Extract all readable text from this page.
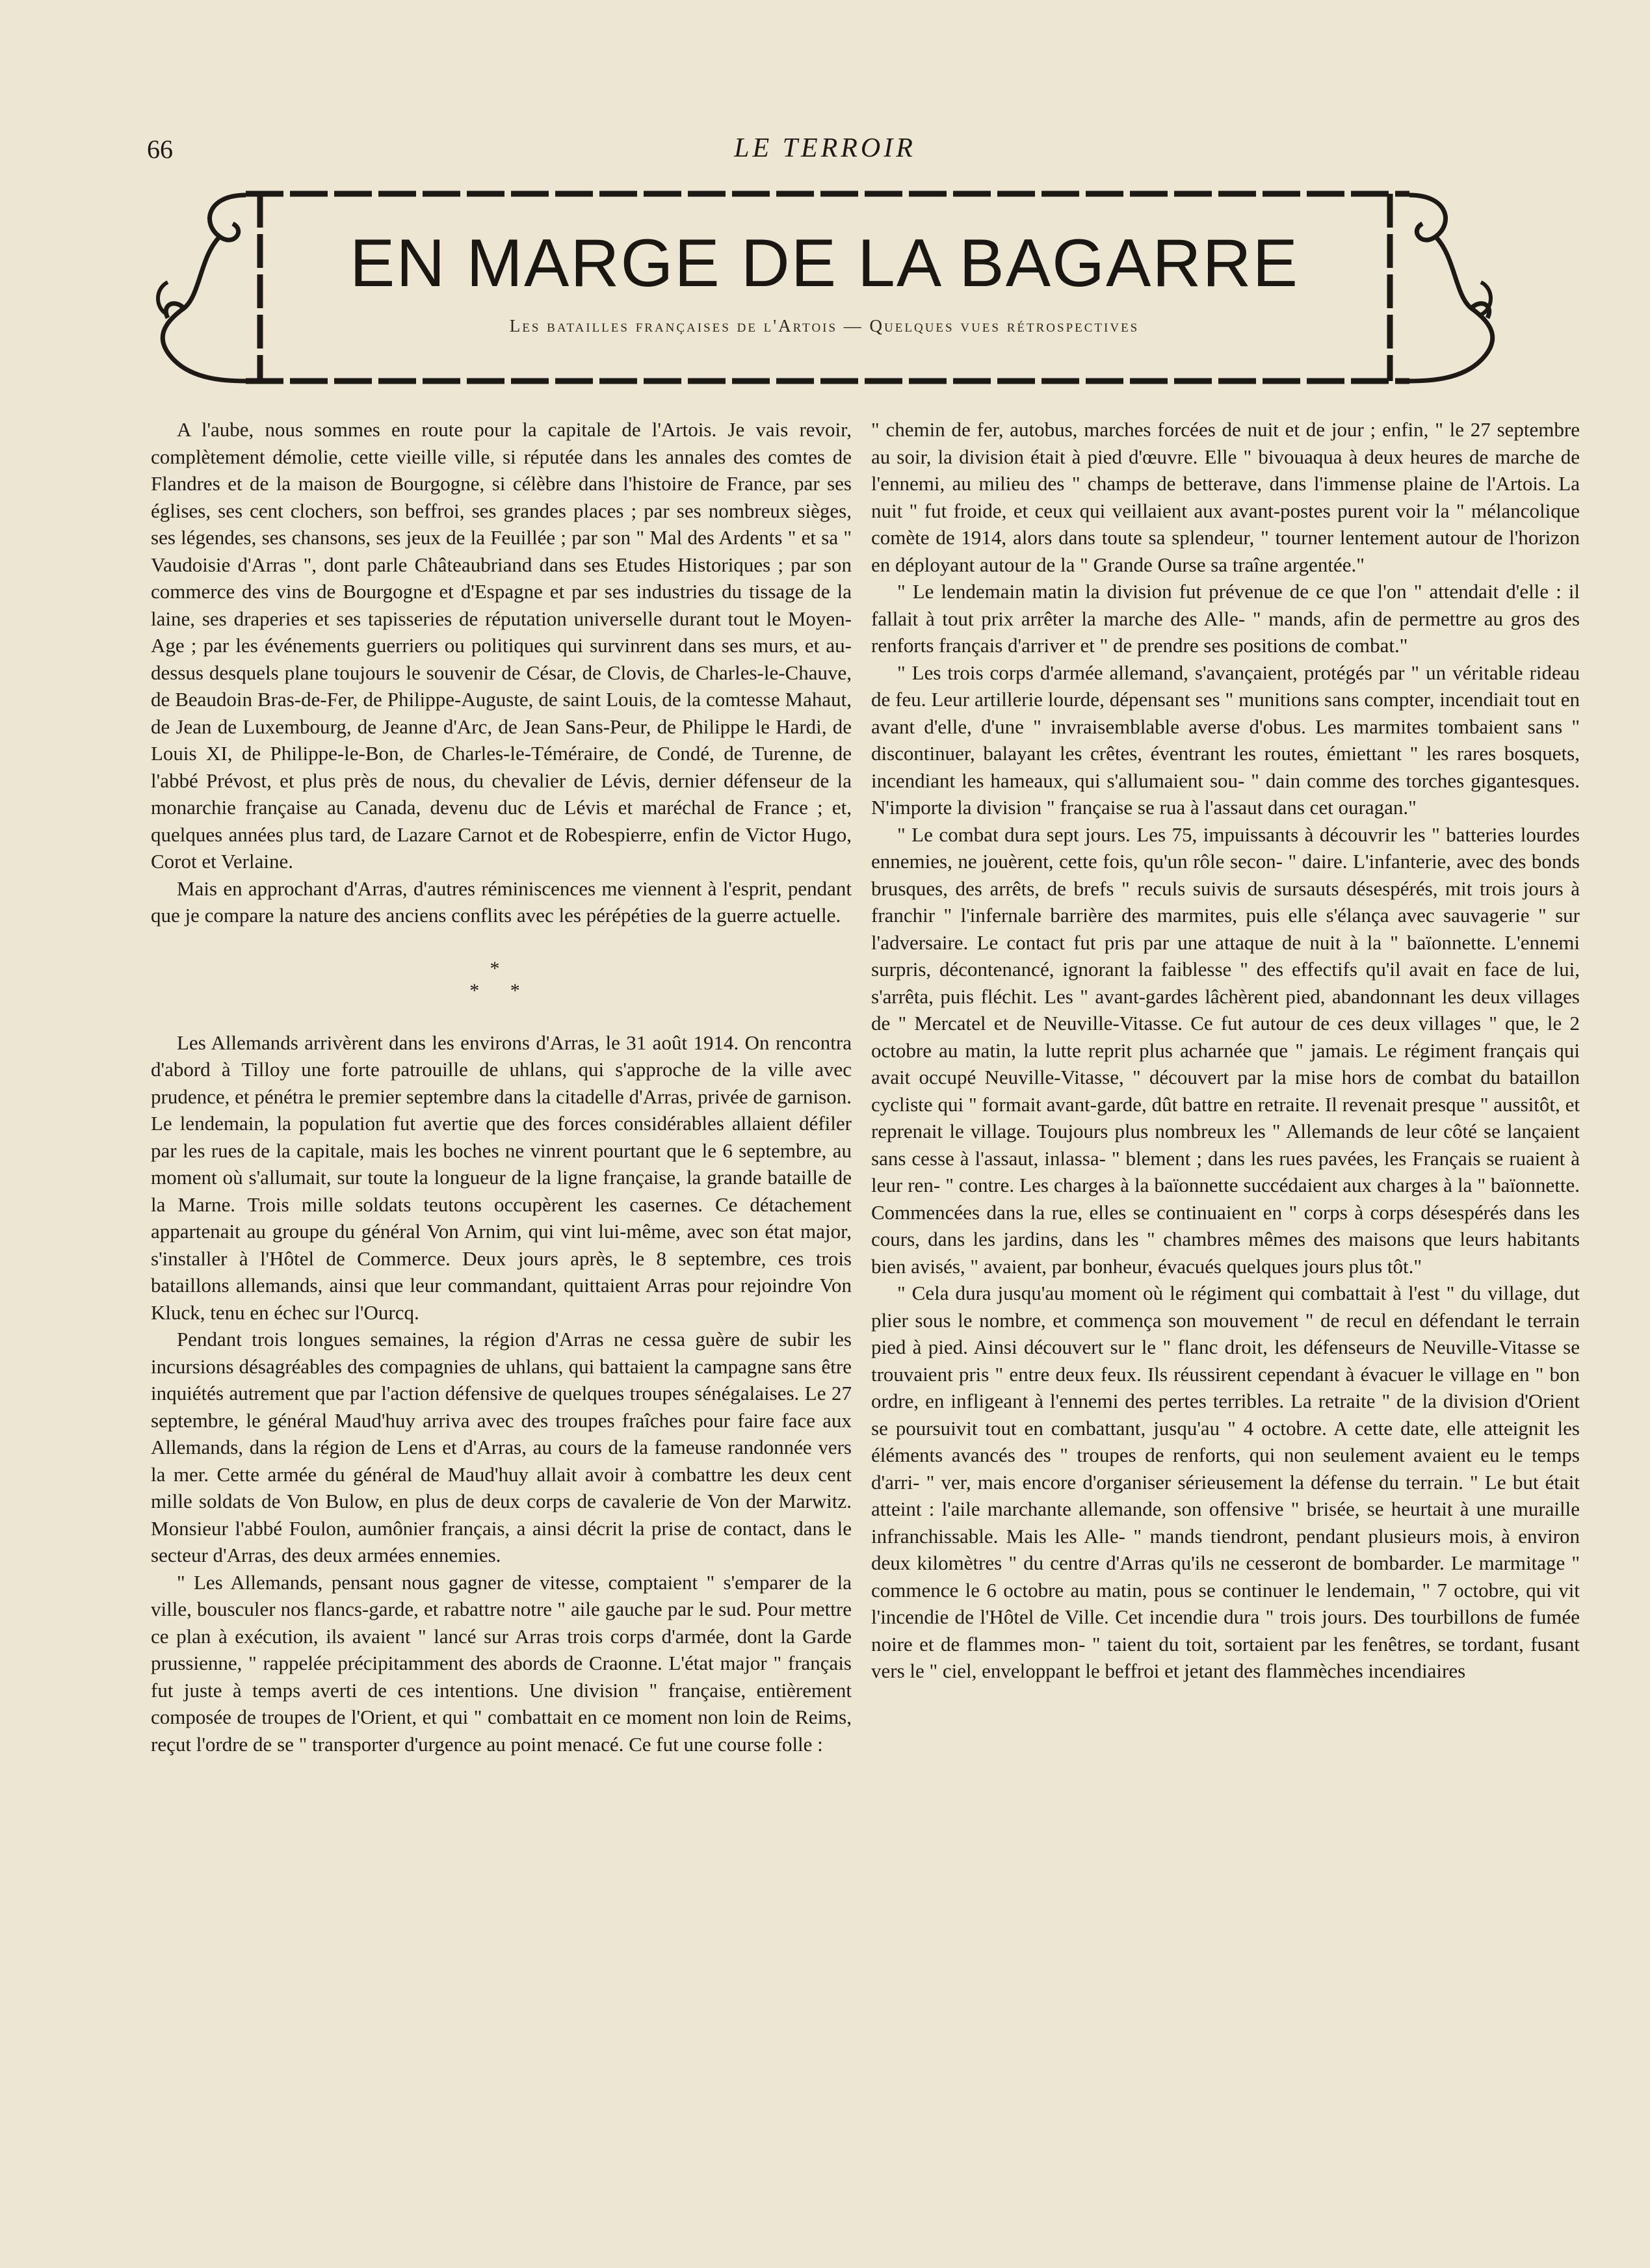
66	LE TERROIR
EN MARGE DE LA BAGARRE
Les batailles françaises de l'Artois — Quelques vues rétrospectives

A l'aube, nous sommes en route pour la capitale de l'Artois. Je vais revoir, complètement démolie, cette vieille ville, si réputée dans les annales des comtes de Flandres et de la maison de Bourgogne, si célèbre dans l'histoire de France, par ses églises, ses cent clochers, son beffroi, ses grandes places ; par ses nombreux sièges, ses légendes, ses chansons, ses jeux de la Feuillée ; par son " Mal des Ardents " et sa " Vaudoisie d'Arras ", dont parle Châteaubriand dans ses Etudes Historiques ; par son commerce des vins de Bourgogne et d'Espagne et par ses industries du tissage de la laine, ses draperies et ses tapisseries de réputation universelle durant tout le Moyen-Age ; par les événements guerriers ou politiques qui survinrent dans ses murs, et au-dessus desquels plane toujours le souvenir de César, de Clovis, de Charles-le-Chauve, de Beaudoin Bras-de-Fer, de Philippe-Auguste, de saint Louis, de la comtesse Mahaut, de Jean de Luxembourg, de Jeanne d'Arc, de Jean Sans-Peur, de Philippe le Hardi, de Louis XI, de Philippe-le-Bon, de Charles-le-Téméraire, de Condé, de Turenne, de l'abbé Prévost, et plus près de nous, du chevalier de Lévis, dernier défenseur de la monarchie française au Canada, devenu duc de Lévis et maréchal de France ; et, quelques années plus tard, de Lazare Carnot et de Robespierre, enfin de Victor Hugo, Corot et Verlaine.

Mais en approchant d'Arras, d'autres réminiscences me viennent à l'esprit, pendant que je compare la nature des anciens conflits avec les pérépéties de la guerre actuelle.

*
* *

Les Allemands arrivèrent dans les environs d'Arras, le 31 août 1914. On rencontra d'abord à Tilloy une forte patrouille de uhlans, qui s'approche de la ville avec prudence, et pénétra le premier septembre dans la citadelle d'Arras, privée de garnison. Le lendemain, la population fut avertie que des forces considérables allaient défiler par les rues de la capitale, mais les boches ne vinrent pourtant que le 6 septembre, au moment où s'allumait, sur toute la longueur de la ligne française, la grande bataille de la Marne. Trois mille soldats teutons occupèrent les casernes. Ce détachement appartenait au groupe du général Von Arnim, qui vint lui-même, avec son état major, s'installer à l'Hôtel de Commerce. Deux jours après, le 8 septembre, ces trois bataillons allemands, ainsi que leur commandant, quittaient Arras pour rejoindre Von Kluck, tenu en échec sur l'Ourcq.

Pendant trois longues semaines, la région d'Arras ne cessa guère de subir les incursions désagréables des compagnies de uhlans, qui battaient la campagne sans être inquiétés autrement que par l'action défensive de quelques troupes sénégalaises. Le 27 septembre, le général Maud'huy arriva avec des troupes fraîches pour faire face aux Allemands, dans la région de Lens et d'Arras, au cours de la fameuse randonnée vers la mer. Cette armée du général de Maud'huy allait avoir à combattre les deux cent mille soldats de Von Bulow, en plus de deux corps de cavalerie de Von der Marwitz. Monsieur l'abbé Foulon, aumônier français, a ainsi décrit la prise de contact, dans le secteur d'Arras, des deux armées ennemies.

" Les Allemands, pensant nous gagner de vitesse, comptaient " s'emparer de la ville, bousculer nos flancs-garde, et rabattre notre " aile gauche par le sud. Pour mettre ce plan à exécution, ils avaient " lancé sur Arras trois corps d'armée, dont la Garde prussienne, " rappelée précipitamment des abords de Craonne. L'état major " français fut juste à temps averti de ces intentions. Une division " française, entièrement composée de troupes de l'Orient, et qui " combattait en ce moment non loin de Reims, reçut l'ordre de se " transporter d'urgence au point menacé. Ce fut une course folle :

" chemin de fer, autobus, marches forcées de nuit et de jour ; enfin, " le 27 septembre au soir, la division était à pied d'œuvre. Elle " bivouaqua à deux heures de marche de l'ennemi, au milieu des " champs de betterave, dans l'immense plaine de l'Artois. La nuit " fut froide, et ceux qui veillaient aux avant-postes purent voir la " mélancolique comète de 1914, alors dans toute sa splendeur, " tourner lentement autour de l'horizon en déployant autour de la " Grande Ourse sa traîne argentée."

" Le lendemain matin la division fut prévenue de ce que l'on " attendait d'elle : il fallait à tout prix arrêter la marche des Alle- " mands, afin de permettre au gros des renforts français d'arriver et " de prendre ses positions de combat."

" Les trois corps d'armée allemand, s'avançaient, protégés par " un véritable rideau de feu. Leur artillerie lourde, dépensant ses " munitions sans compter, incendiait tout en avant d'elle, d'une " invraisemblable averse d'obus. Les marmites tombaient sans " discontinuer, balayant les crêtes, éventrant les routes, émiettant " les rares bosquets, incendiant les hameaux, qui s'allumaient sou- " dain comme des torches gigantesques. N'importe la division " française se rua à l'assaut dans cet ouragan."

" Le combat dura sept jours. Les 75, impuissants à découvrir les " batteries lourdes ennemies, ne jouèrent, cette fois, qu'un rôle secon- " daire. L'infanterie, avec des bonds brusques, des arrêts, de brefs " reculs suivis de sursauts désespérés, mit trois jours à franchir " l'infernale barrière des marmites, puis elle s'élança avec sauvagerie " sur l'adversaire. Le contact fut pris par une attaque de nuit à la " baïonnette. L'ennemi surpris, décontenancé, ignorant la faiblesse " des effectifs qu'il avait en face de lui, s'arrêta, puis fléchit. Les " avant-gardes lâchèrent pied, abandonnant les deux villages de " Mercatel et de Neuville-Vitasse. Ce fut autour de ces deux villages " que, le 2 octobre au matin, la lutte reprit plus acharnée que " jamais. Le régiment français qui avait occupé Neuville-Vitasse, " découvert par la mise hors de combat du bataillon cycliste qui " formait avant-garde, dût battre en retraite. Il revenait presque " aussitôt, et reprenait le village. Toujours plus nombreux les " Allemands de leur côté se lançaient sans cesse à l'assaut, inlassa- " blement ; dans les rues pavées, les Français se ruaient à leur ren- " contre. Les charges à la baïonnette succédaient aux charges à la " baïonnette. Commencées dans la rue, elles se continuaient en " corps à corps désespérés dans les cours, dans les jardins, dans les " chambres mêmes des maisons que leurs habitants bien avisés, " avaient, par bonheur, évacués quelques jours plus tôt."

" Cela dura jusqu'au moment où le régiment qui combattait à l'est " du village, dut plier sous le nombre, et commença son mouvement " de recul en défendant le terrain pied à pied. Ainsi découvert sur le " flanc droit, les défenseurs de Neuville-Vitasse se trouvaient pris " entre deux feux. Ils réussirent cependant à évacuer le village en " bon ordre, en infligeant à l'ennemi des pertes terribles. La retraite " de la division d'Orient se poursuivit tout en combattant, jusqu'au " 4 octobre. A cette date, elle atteignit les éléments avancés des " troupes de renforts, qui non seulement avaient eu le temps d'arri- " ver, mais encore d'organiser sérieusement la défense du terrain. " Le but était atteint : l'aile marchante allemande, son offensive " brisée, se heurtait à une muraille infranchissable. Mais les Alle- " mands tiendront, pendant plusieurs mois, à environ deux kilomètres " du centre d'Arras qu'ils ne cesseront de bombarder. Le marmitage " commence le 6 octobre au matin, pous se continuer le lendemain, " 7 octobre, qui vit l'incendie de l'Hôtel de Ville. Cet incendie dura " trois jours. Des tourbillons de fumée noire et de flammes mon- " taient du toit, sortaient par les fenêtres, se tordant, fusant vers le " ciel, enveloppant le beffroi et jetant des flammèches incendiaires
